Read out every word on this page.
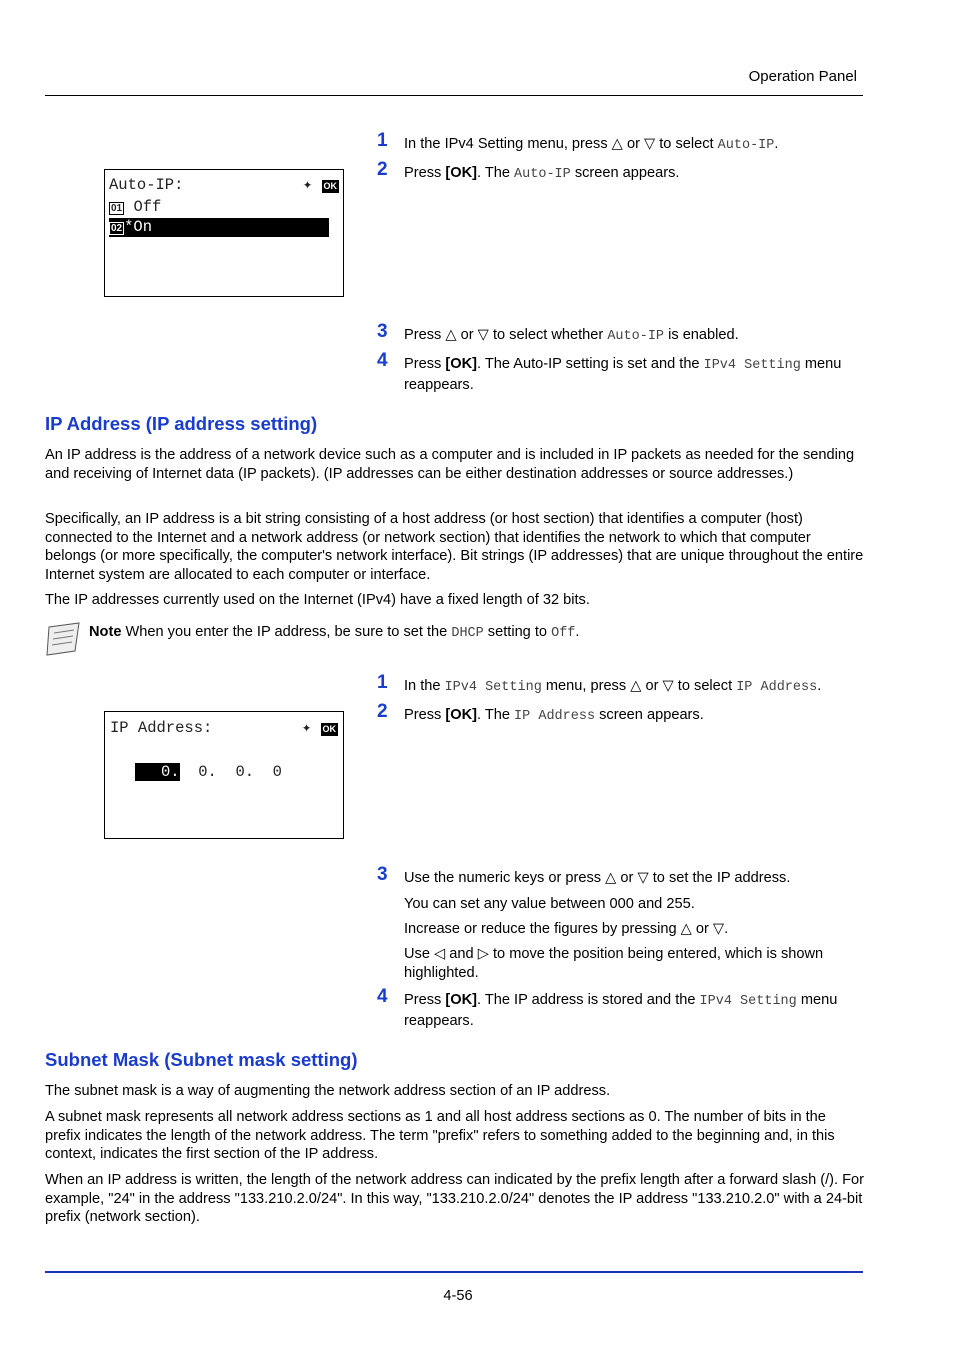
Operation Panel
Auto-IP:	✦ OK
01 Off
02 *On
1 In the IPv4 Setting menu, press △ or ▽ to select Auto-IP.
2 Press [OK]. The Auto-IP screen appears.
3 Press △ or ▽ to select whether Auto-IP is enabled.
4 Press [OK]. The Auto-IP setting is set and the IPv4 Setting menu reappears.
IP Address (IP address setting)
An IP address is the address of a network device such as a computer and is included in IP packets as needed for the sending and receiving of Internet data (IP packets). (IP addresses can be either destination addresses or source addresses.)
Specifically, an IP address is a bit string consisting of a host address (or host section) that identifies a computer (host) connected to the Internet and a network address (or network section) that identifies the network to which that computer belongs (or more specifically, the computer's network interface). Bit strings (IP addresses) that are unique throughout the entire Internet system are allocated to each computer or interface.
The IP addresses currently used on the Internet (IPv4) have a fixed length of 32 bits.
Note When you enter the IP address, be sure to set the DHCP setting to Off.
IP Address:	✦ OK
0. 0. 0. 0
1 In the IPv4 Setting menu, press △ or ▽ to select IP Address.
2 Press [OK]. The IP Address screen appears.
3 Use the numeric keys or press △ or ▽ to set the IP address.
You can set any value between 000 and 255.
Increase or reduce the figures by pressing △ or ▽.
Use ◁ and ▷ to move the position being entered, which is shown highlighted.
4 Press [OK]. The IP address is stored and the IPv4 Setting menu reappears.
Subnet Mask (Subnet mask setting)
The subnet mask is a way of augmenting the network address section of an IP address.
A subnet mask represents all network address sections as 1 and all host address sections as 0. The number of bits in the prefix indicates the length of the network address. The term "prefix" refers to something added to the beginning and, in this context, indicates the first section of the IP address.
When an IP address is written, the length of the network address can indicated by the prefix length after a forward slash (/). For example, "24" in the address "133.210.2.0/24". In this way, "133.210.2.0/24" denotes the IP address "133.210.2.0" with a 24-bit prefix (network section).
4-56
